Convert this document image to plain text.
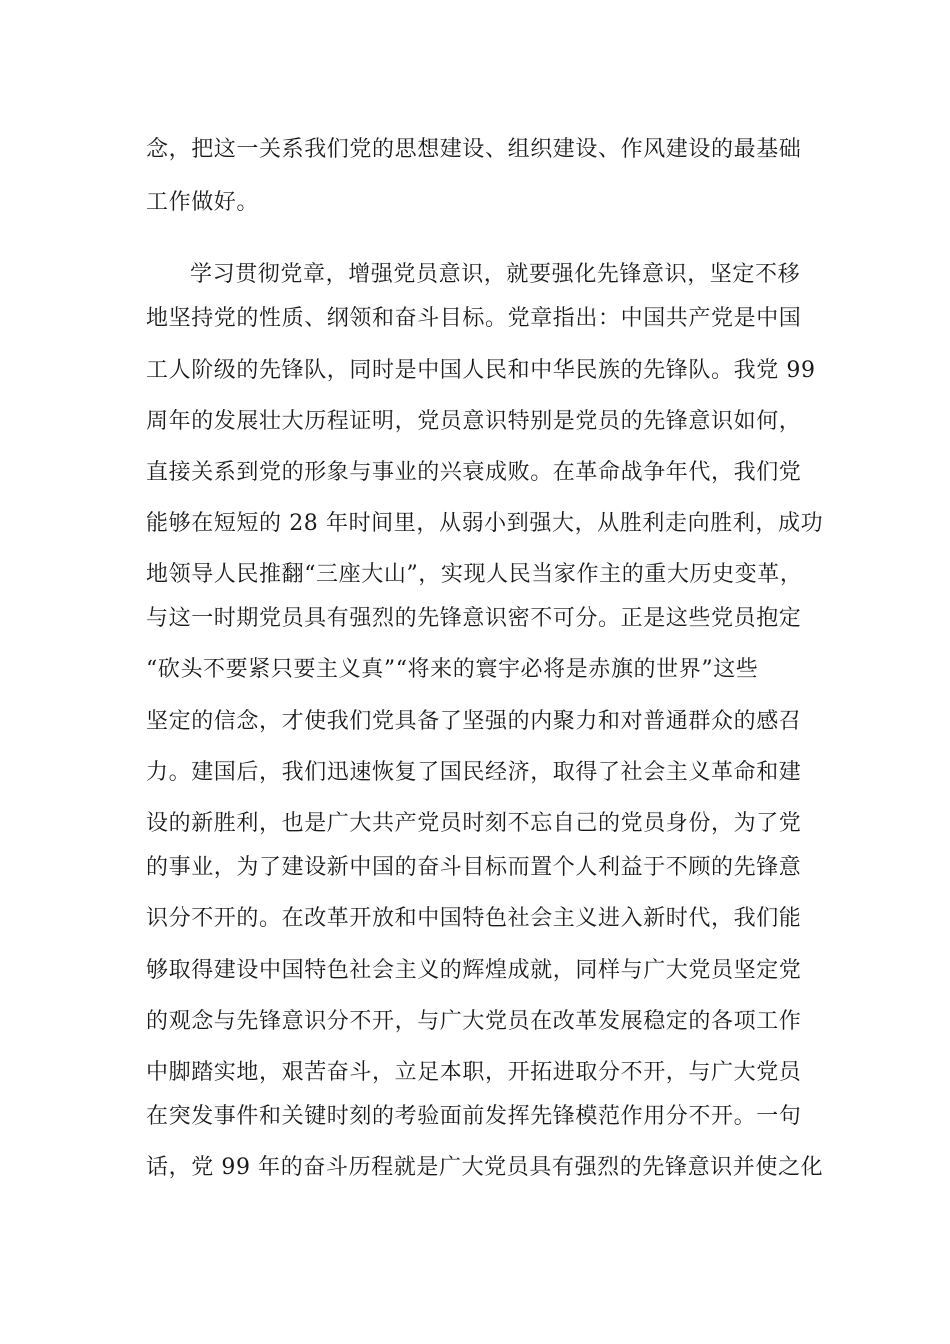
念，把这一关系我们党的思想建设、组织建设、作风建设的最基础
工作做好。
学习贯彻党章，增强党员意识，就要强化先锋意识，坚定不移
地坚持党的性质、纲领和奋斗目标。党章指出：中国共产党是中国
工人阶级的先锋队，同时是中国人民和中华民族的先锋队。我党 99
周年的发展壮大历程证明，党员意识特别是党员的先锋意识如何，
直接关系到党的形象与事业的兴衰成败。在革命战争年代，我们党
能够在短短的 28 年时间里，从弱小到强大，从胜利走向胜利，成功
地领导人民推翻“三座大山”，实现人民当家作主的重大历史变革，
与这一时期党员具有强烈的先锋意识密不可分。正是这些党员抱定
“砍头不要紧只要主义真”“将来的寰宇必将是赤旗的世界”这些
坚定的信念，才使我们党具备了坚强的内聚力和对普通群众的感召
力。建国后，我们迅速恢复了国民经济，取得了社会主义革命和建
设的新胜利，也是广大共产党员时刻不忘自己的党员身份，为了党
的事业，为了建设新中国的奋斗目标而置个人利益于不顾的先锋意
识分不开的。在改革开放和中国特色社会主义进入新时代，我们能
够取得建设中国特色社会主义的辉煌成就，同样与广大党员坚定党
的观念与先锋意识分不开，与广大党员在改革发展稳定的各项工作
中脚踏实地，艰苦奋斗，立足本职，开拓进取分不开，与广大党员
在突发事件和关键时刻的考验面前发挥先锋模范作用分不开。一句
话，党 99 年的奋斗历程就是广大党员具有强烈的先锋意识并使之化
